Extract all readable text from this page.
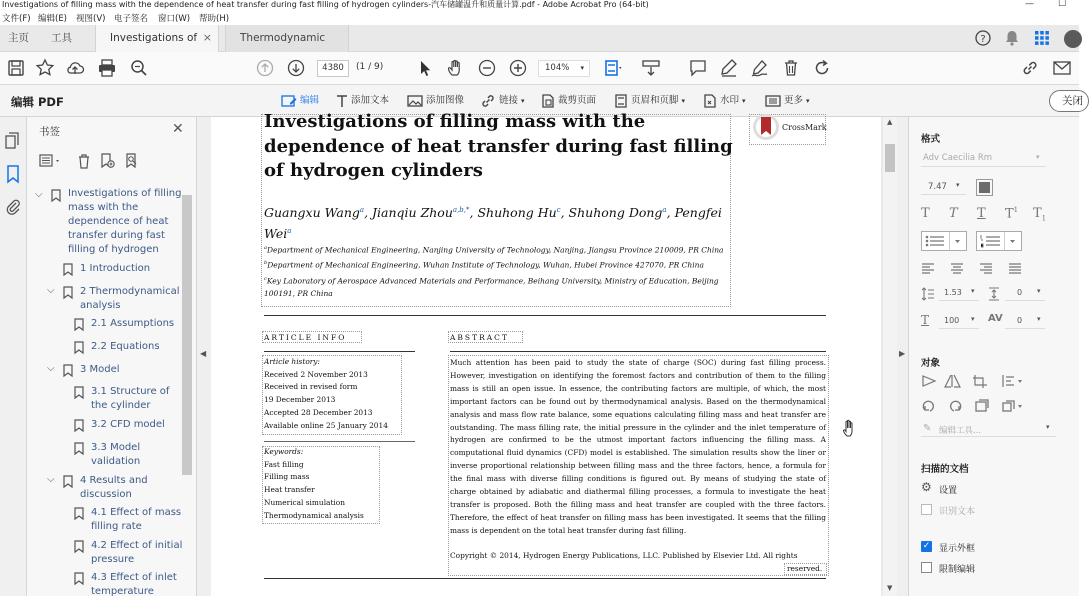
Investigations of filling mass with the dependence of heat transfer during fast filling of hydrogen cylinders-汽车储罐温升和质量计算.pdf - Adobe Acrobat Pro (64-bit)	—	☐
文件(F) 编辑(E) 视图(V) 电子签名 窗口(W) 帮助(H)
主页 工具	Investigations of ×	Thermodynamic	?
4380	(1 / 9)	104% ▾
编辑 PDF	编辑	添加文本	添加图像	链接 ▾	裁剪页面	页眉和页脚 ▾	水印 ▾	更多 ▾	关闭
书签	✕
⌵	Investigations of filling mass with the dependence of heat transfer during fast filling of hydrogen
1 Introduction
⌵	2 Thermodynamical analysis
2.1 Assumptions
2.2 Equations
⌵	3 Model
3.1 Structure of the cylinder
3.2 CFD model
3.3 Model validation
⌵	4 Results and discussion
4.1 Effect of mass filling rate
4.2 Effect of initial pressure
4.3 Effect of inlet temperature
◀
Investigations of filling mass with the dependence of heat transfer during fast filling of hydrogen cylinders
CrossMark
Guangxu Wang$^a$, Jianqiu Zhou$^{a,b,*}$, Shuhong Hu$^c$, Shuhong Dong$^a$, Pengfei Wei$^a$
$^a$Department of Mechanical Engineering, Nanjing University of Technology, Nanjing, Jiangsu Province 210009, PR China
$^b$Department of Mechanical Engineering, Wuhan Institute of Technology, Wuhan, Hubei Province 427070, PR China
$^c$Key Laboratory of Aerospace Advanced Materials and Performance, Beihang University, Ministry of Education, Beijing 100191, PR China
ARTICLE INFO	ABSTRACT
Article history:
Received 2 November 2013
Received in revised form
19 December 2013
Accepted 28 December 2013
Available online 25 January 2014
Keywords:
Fast filling
Filling mass
Heat transfer
Numerical simulation
Thermodynamical analysis
Much attention has been paid to study the state of charge (SOC) during fast filling process. However, investigation on identifying the foremost factors and contribution of them to the filling mass is still an open issue. In essence, the contributing factors are multiple, of which, the most important factors can be found out by thermodynamical analysis. Based on the thermodynamical analysis and mass flow rate balance, some equations calculating filling mass and heat transfer are outstanding. The mass filling rate, the initial pressure in the cylinder and the inlet temperature of hydrogen are confirmed to be the utmost important factors influencing the filling mass. A computational fluid dynamics (CFD) model is established. The simulation results show the liner or inverse proportional relationship between filling mass and the three factors, hence, a formula for the final mass with diverse filling conditions is figured out. By means of studying the state of charge obtained by adiabatic and diathermal filling processes, a formula to investigate the heat transfer is proposed. Both the filling mass and heat transfer are coupled with the three factors. Therefore, the effect of heat transfer on filling mass has been investigated. It seems that the filling mass is dependent on the total heat transfer during fast filling.
Copyright © 2014, Hydrogen Energy Publications, LLC. Published by Elsevier Ltd. All rights
reserved.
▲
▼
▶
格式
Adv Caecilia Rm	▾
7.47 ▾
T T T $T^1$ $T_1$
1.53 ▾	0 ▾
T 100 ▾ AV 0 ▾
对象
✎ 编辑工具...	▾
扫描的文档
⚙ 设置
识别文本
✓ 显示外框
限制编辑
